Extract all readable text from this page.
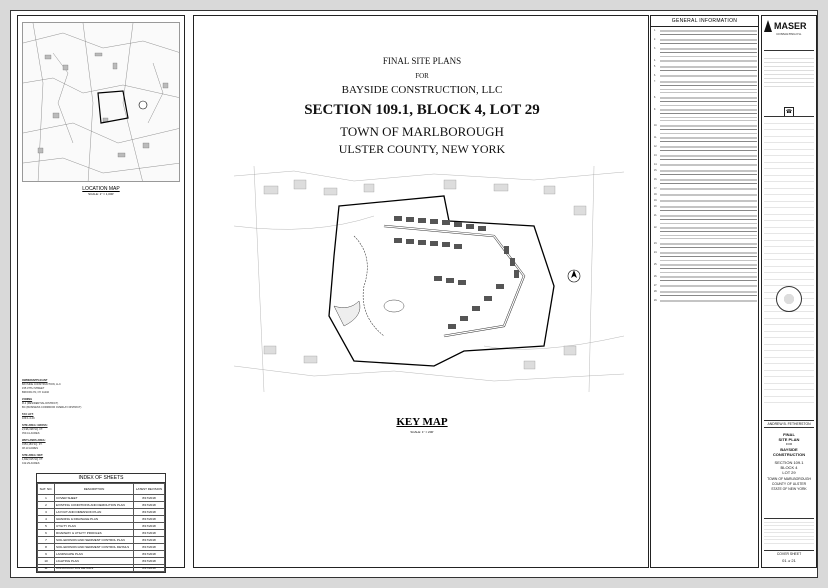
LOCATION MAP
SCALE: 1" = 1,000'
OWNER/APPLICANT
BAYSIDE CONSTRUCTION, LLC
155 37TH STREET
BROOKLYN, NY 11232
ZONING
R-1 (RESIDENTIAL DISTRICT)
BC (BUSINESS CORRIDOR OVERLAY DISTRICT)
TAX LOT:
109.1-4-29
SITE AREA: GROSS:
2,196,198 SQ. FT.
±50.41 ACRES
WETLANDS AREA:
±354,183 SQ. FT.
±8.13 ACRES
SITE AREA: NET:
1,842,015 SQ. FT.
±42.29 ACRES
INDEX OF SHEETS
SHT. NO.	DESCRIPTION	LATEST REVISION
1	COVER SHEET	8/17/2018
2	EXISTING CONDITIONS AND DEMOLITION PLAN	8/17/2018
3	LAYOUT AND DIMENSION PLAN	8/17/2018
4	GRADING & DRAINAGE PLAN	8/17/2018
5	UTILITY PLAN	8/17/2018
6	ROADWAY & UTILITY PROFILES	8/17/2018
7	SOIL EROSION AND SEDIMENT CONTROL PLAN	8/17/2018
8	SOIL EROSION AND SEDIMENT CONTROL DETAILS	8/17/2018
9	LANDSCAPE PLAN	8/17/2018
10	LIGHTING PLAN	8/17/2018
11	CONSTRUCTION DETAILS	8/17/2018
FINAL SITE PLANS
FOR
BAYSIDE CONSTRUCTION, LLC
SECTION 109.1, BLOCK 4, LOT 29
TOWN OF MARLBOROUGH
ULSTER COUNTY, NEW YORK
KEY MAP
SCALE: 1" = 200'
GENERAL INFORMATION
1.
2.
3.
4.
5.
6.
7.
8.
9.
10.
11.
12.
13.
14.
15.
16.
17.
18.
19.
20.
21.
22.
23.
24.
25.
26.
27.
28.
29.
MASER
CONSULTING P.A.
☎
ANDREW B. FETHERSTON
FINAL
SITE PLAN
FOR
BAYSIDE
CONSTRUCTION
SECTION 109.1
BLOCK 4
LOT 29
TOWN OF MARLBOROUGH
COUNTY OF ULSTER
STATE OF NEW YORK
COVER SHEET
01 of 21
